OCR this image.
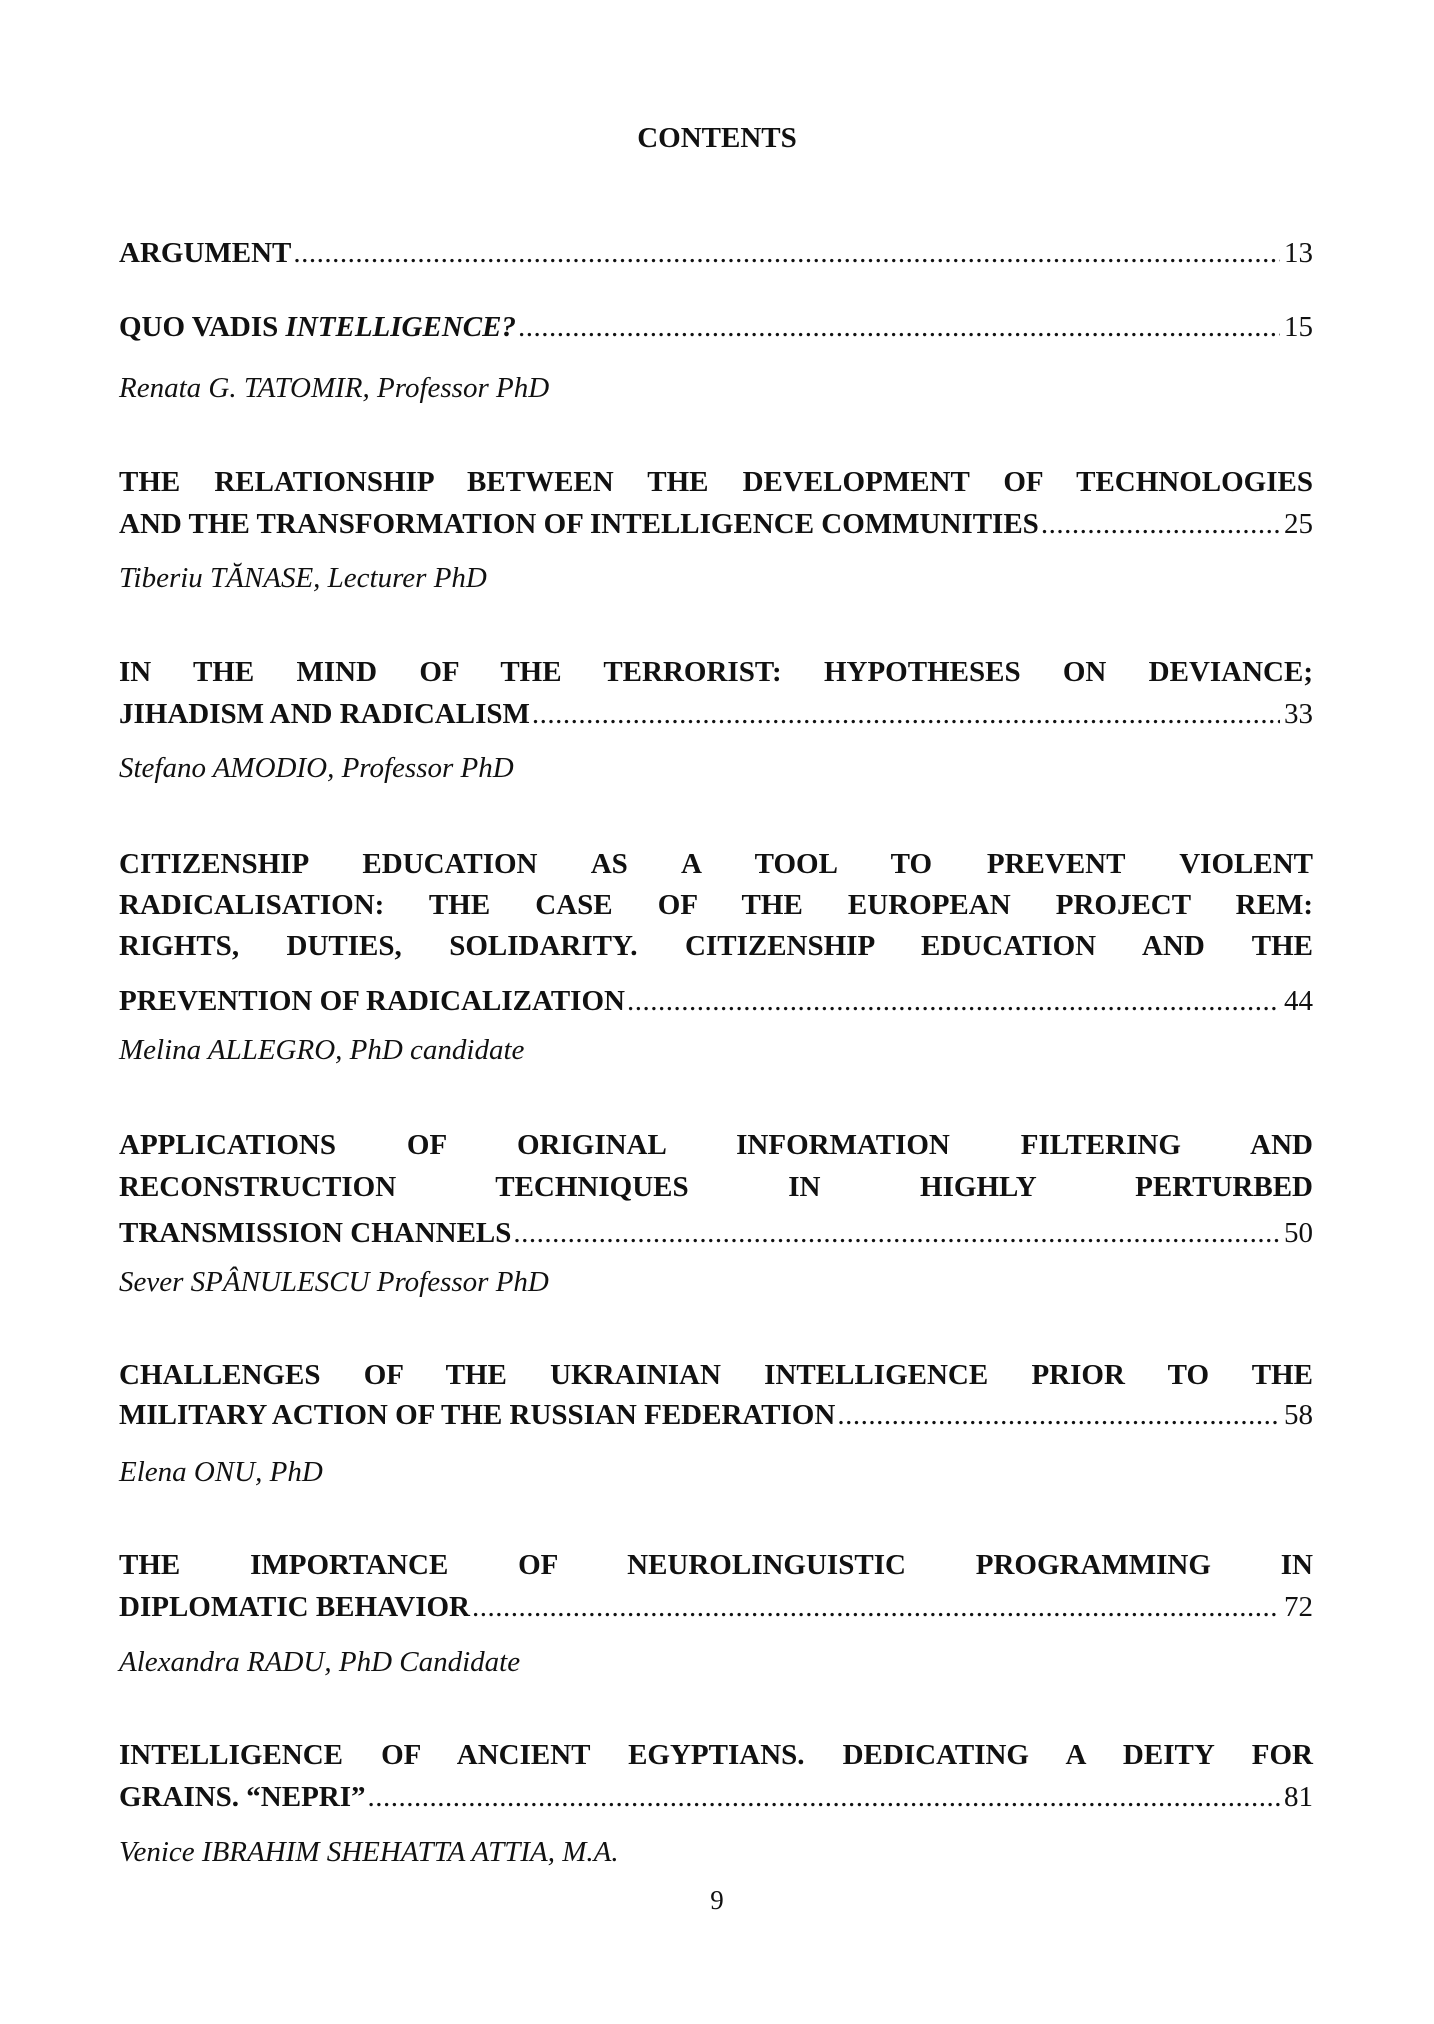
CONTENTS
ARGUMENT .....	13
QUO VADIS INTELLIGENCE? .....	15
Renata G. TATOMIR, Professor PhD
THE RELATIONSHIP BETWEEN THE DEVELOPMENT OF TECHNOLOGIES
AND THE TRANSFORMATION OF INTELLIGENCE COMMUNITIES .....	25
Tiberiu TĂNASE, Lecturer PhD
IN THE MIND OF THE TERRORIST: HYPOTHESES ON DEVIANCE;
JIHADISM AND RADICALISM .....	33
Stefano AMODIO, Professor PhD
CITIZENSHIP EDUCATION AS A TOOL TO PREVENT VIOLENT
RADICALISATION: THE CASE OF THE EUROPEAN PROJECT REM:
RIGHTS, DUTIES, SOLIDARITY. CITIZENSHIP EDUCATION AND THE
PREVENTION OF RADICALIZATION .....	44
Melina ALLEGRO, PhD candidate
APPLICATIONS OF ORIGINAL INFORMATION FILTERING AND
RECONSTRUCTION TECHNIQUES IN HIGHLY PERTURBED
TRANSMISSION CHANNELS .....	50
Sever SPÂNULESCU Professor PhD
CHALLENGES OF THE UKRAINIAN INTELLIGENCE PRIOR TO THE
MILITARY ACTION OF THE RUSSIAN FEDERATION .....	58
Elena ONU, PhD
THE IMPORTANCE OF NEUROLINGUISTIC PROGRAMMING IN
DIPLOMATIC BEHAVIOR .....	72
Alexandra RADU, PhD Candidate
INTELLIGENCE OF ANCIENT EGYPTIANS. DEDICATING A DEITY FOR
GRAINS. “NEPRI” .....	81
Venice IBRAHIM SHEHATTA ATTIA, M.A.
9
